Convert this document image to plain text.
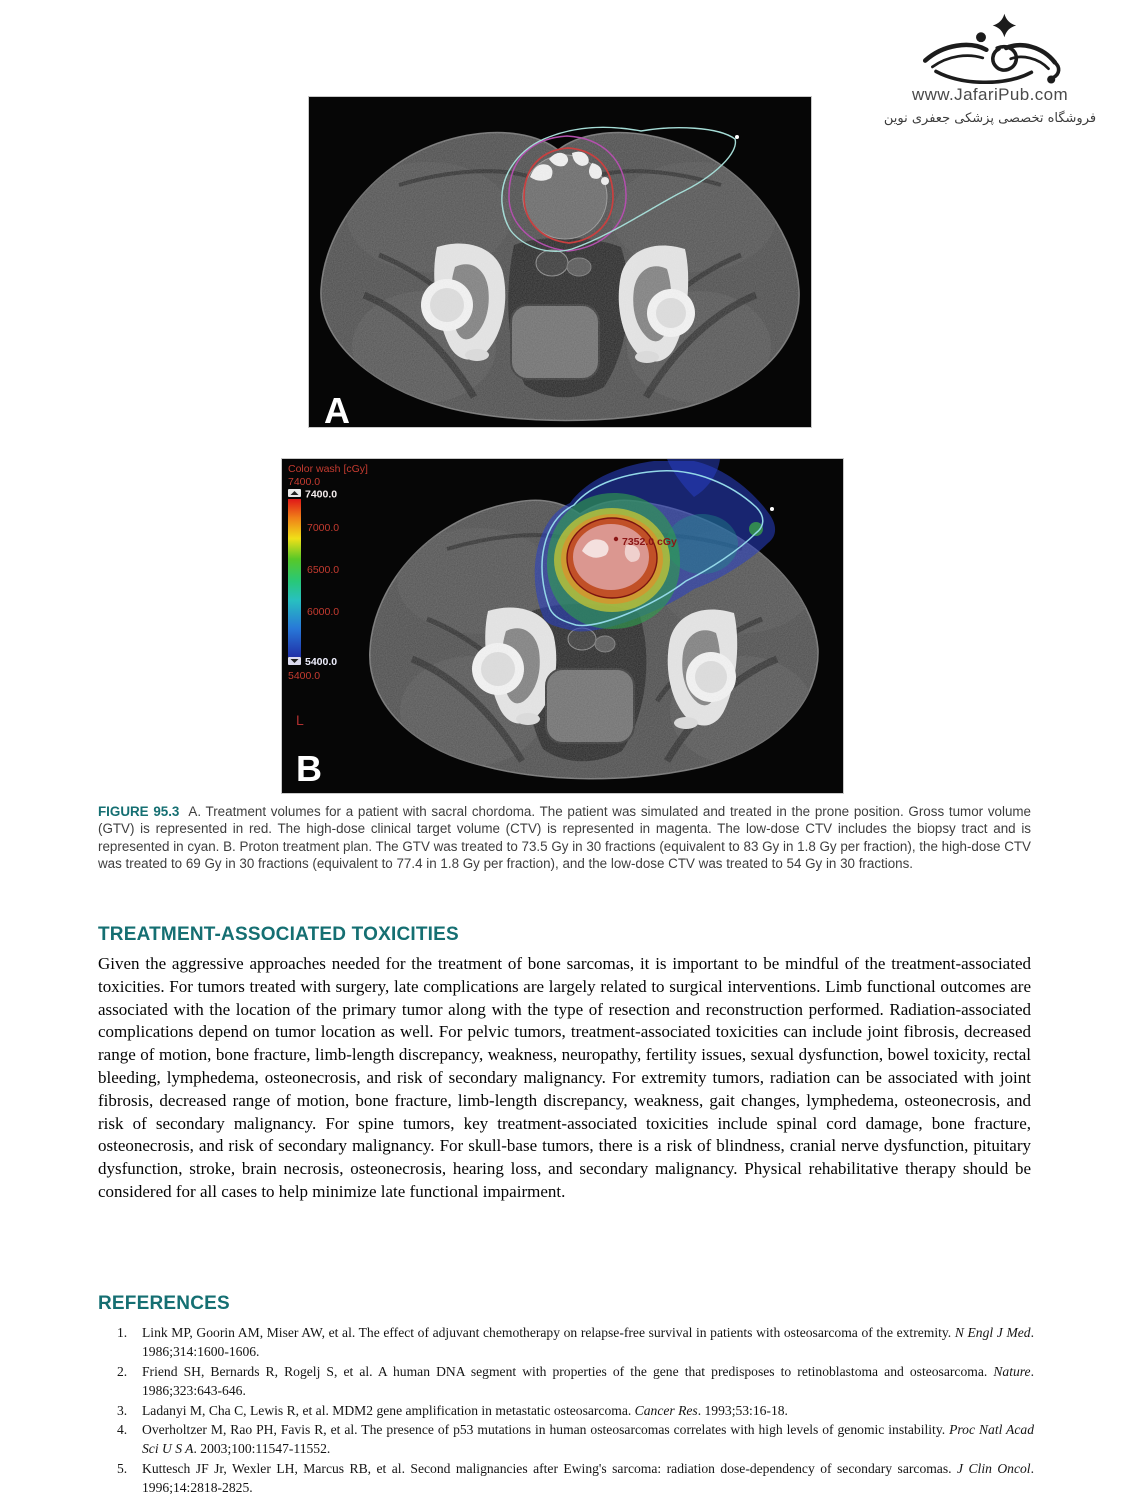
www.JafariPub.com
فروشگاه تخصصی پزشکی جعفری نوین
A
7352.0 cGy
Color wash [cGy]
7400.0
7400.0
7000.0
6500.0
6000.0
5400.0
5400.0
L
B

FIGURE 95.3 A. Treatment volumes for a patient with sacral chordoma. The patient was simulated and treated in the prone position. Gross tumor volume (GTV) is represented in red. The high-dose clinical target volume (CTV) is represented in magenta. The low-dose CTV includes the biopsy tract and is represented in cyan. B. Proton treatment plan. The GTV was treated to 73.5 Gy in 30 fractions (equivalent to 83 Gy in 1.8 Gy per fraction), the high-dose CTV was treated to 69 Gy in 30 fractions (equivalent to 77.4 in 1.8 Gy per fraction), and the low-dose CTV was treated to 54 Gy in 30 fractions.

TREATMENT-ASSOCIATED TOXICITIES

Given the aggressive approaches needed for the treatment of bone sarcomas, it is important to be mindful of the treatment-associated toxicities. For tumors treated with surgery, late complications are largely related to surgical interventions. Limb functional outcomes are associated with the location of the primary tumor along with the type of resection and reconstruction performed. Radiation-associated complications depend on tumor location as well. For pelvic tumors, treatment-associated toxicities can include joint fibrosis, decreased range of motion, bone fracture, limb-length discrepancy, weakness, neuropathy, fertility issues, sexual dysfunction, bowel toxicity, rectal bleeding, lymphedema, osteonecrosis, and risk of secondary malignancy. For extremity tumors, radiation can be associated with joint fibrosis, decreased range of motion, bone fracture, limb-length discrepancy, weakness, gait changes, lymphedema, osteonecrosis, and risk of secondary malignancy. For spine tumors, key treatment-associated toxicities include spinal cord damage, bone fracture, osteonecrosis, and risk of secondary malignancy. For skull-base tumors, there is a risk of blindness, cranial nerve dysfunction, pituitary dysfunction, stroke, brain necrosis, osteonecrosis, hearing loss, and secondary malignancy. Physical rehabilitative therapy should be considered for all cases to help minimize late functional impairment.

REFERENCES
1. Link MP, Goorin AM, Miser AW, et al. The effect of adjuvant chemotherapy on relapse-free survival in patients with osteosarcoma of the extremity. N Engl J Med. 1986;314:1600-1606.
2. Friend SH, Bernards R, Rogelj S, et al. A human DNA segment with properties of the gene that predisposes to retinoblastoma and osteosarcoma. Nature. 1986;323:643-646.
3. Ladanyi M, Cha C, Lewis R, et al. MDM2 gene amplification in metastatic osteosarcoma. Cancer Res. 1993;53:16-18.
4. Overholtzer M, Rao PH, Favis R, et al. The presence of p53 mutations in human osteosarcomas correlates with high levels of genomic instability. Proc Natl Acad Sci U S A. 2003;100:11547-11552.
5. Kuttesch JF Jr, Wexler LH, Marcus RB, et al. Second malignancies after Ewing's sarcoma: radiation dose-dependency of secondary sarcomas. J Clin Oncol. 1996;14:2818-2825.
